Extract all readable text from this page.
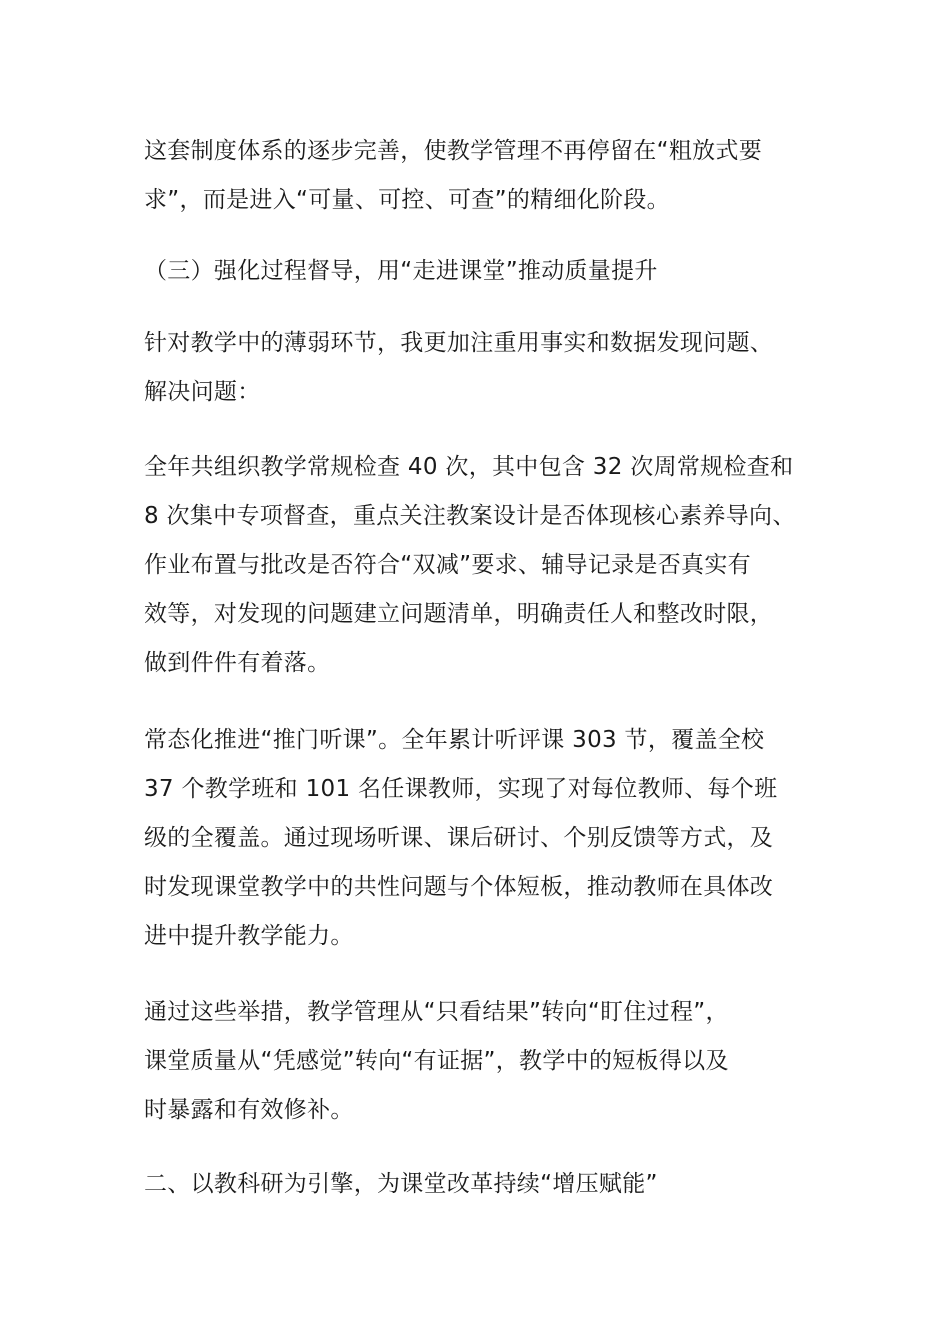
这套制度体系的逐步完善，使教学管理不再停留在“粗放式要
求”，而是进入“可量、可控、可查”的精细化阶段。

（三）强化过程督导，用“走进课堂”推动质量提升

针对教学中的薄弱环节，我更加注重用事实和数据发现问题、
解决问题：

全年共组织教学常规检查 40 次，其中包含 32 次周常规检查和
8 次集中专项督查，重点关注教案设计是否体现核心素养导向、
作业布置与批改是否符合“双减”要求、辅导记录是否真实有
效等，对发现的问题建立问题清单，明确责任人和整改时限，
做到件件有着落。

常态化推进“推门听课”。全年累计听评课 303 节，覆盖全校
37 个教学班和 101 名任课教师，实现了对每位教师、每个班
级的全覆盖。通过现场听课、课后研讨、个别反馈等方式，及
时发现课堂教学中的共性问题与个体短板，推动教师在具体改
进中提升教学能力。

通过这些举措，教学管理从“只看结果”转向“盯住过程”，
课堂质量从“凭感觉”转向“有证据”，教学中的短板得以及
时暴露和有效修补。

二、以教科研为引擎，为课堂改革持续“增压赋能”
